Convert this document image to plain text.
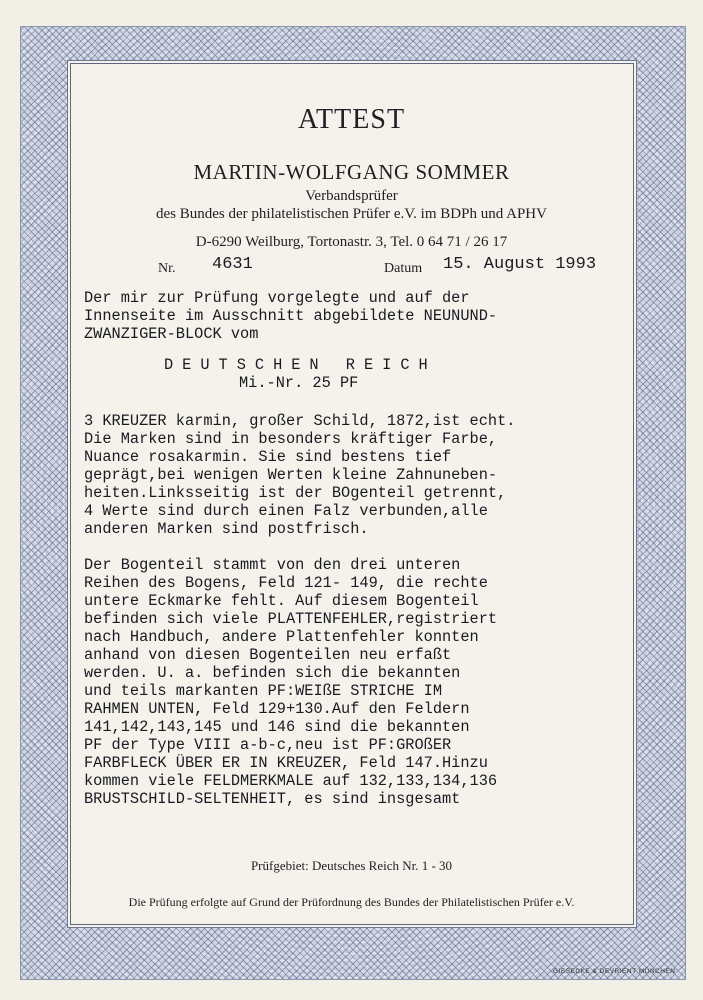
ATTEST
MARTIN-WOLFGANG SOMMER
Verbandsprüfer
des Bundes der philatelistischen Prüfer e.V. im BDPh und APHV
D-6290 Weilburg, Tortonastr. 3, Tel. 0 64 71 / 26 17
Nr. 4631	Datum 15. August 1993
Der mir zur Prüfung vorgelegte und auf der
Innenseite im Ausschnitt abgebildete NEUNUND-
ZWANZIGER-BLOCK vom
DEUTSCHEN REICH
Mi.-Nr. 25 PF
3 KREUZER karmin, großer Schild, 1872,ist echt.
Die Marken sind in besonders kräftiger Farbe,
Nuance rosakarmin. Sie sind bestens tief
geprägt,bei wenigen Werten kleine Zahnuneben-
heiten.Linksseitig ist der BOgenteil getrennt,
4 Werte sind durch einen Falz verbunden,alle
anderen Marken sind postfrisch.
Der Bogenteil stammt von den drei unteren
Reihen des Bogens, Feld 121- 149, die rechte
untere Eckmarke fehlt. Auf diesem Bogenteil
befinden sich viele PLATTENFEHLER,registriert
nach Handbuch, andere Plattenfehler konnten
anhand von diesen Bogenteilen neu erfaßt
werden. U. a. befinden sich die bekannten
und teils markanten PF:WEIßE STRICHE IM
RAHMEN UNTEN, Feld 129+130.Auf den Feldern
141,142,143,145 und 146 sind die bekannten
PF der Type VIII a-b-c,neu ist PF:GROßER
FARBFLECK ÜBER ER IN KREUZER, Feld 147.Hinzu
kommen viele FELDMERKMALE auf 132,133,134,136
BRUSTSCHILD-SELTENHEIT, es sind insgesamt
Prüfgebiet: Deutsches Reich Nr. 1 - 30
Die Prüfung erfolgte auf Grund der Prüfordnung des Bundes der Philatelistischen Prüfer e.V.
GIESECKE & DEVRIENT MÜNCHEN
